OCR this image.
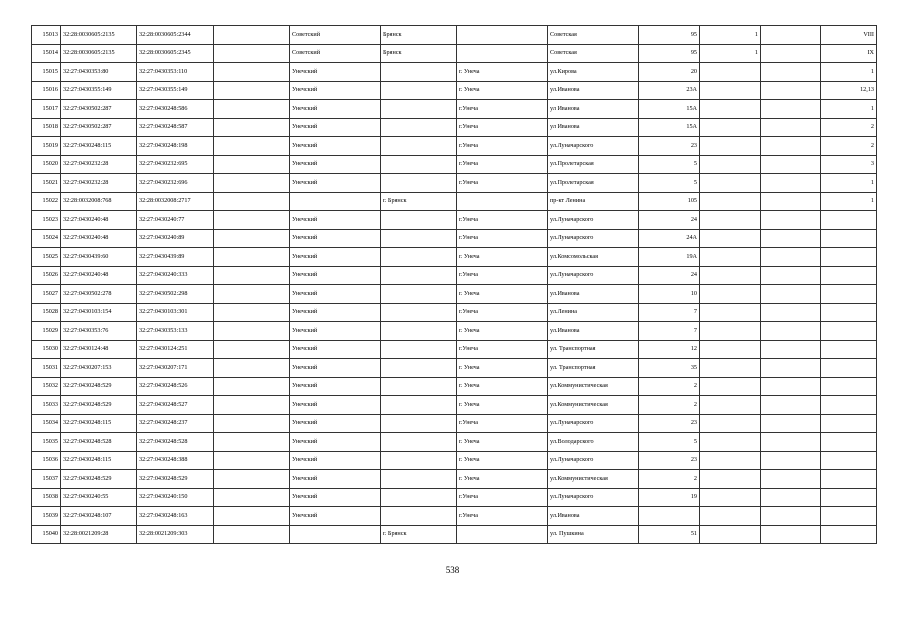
15013	32:28:0030605:2135	32:28:0030605:2344		Советский	Брянск		Советская	95	1		VIII
15014	32:28:0030605:2135	32:28:0030605:2345		Советский	Брянск		Советская	95	1		IX
15015	32:27:0430353:80	32:27:0430353:110		Унечский		г. Унеча	ул.Кирова	20			1
15016	32:27:0430355:149	32:27:0430355:149		Унечский		г. Унеча	ул.Иванова	23А			12,13
15017	32:27:0430502:287	32:27:0430248:586		Унечский		г.Унеча	ул Иванова	15А			1
15018	32:27:0430502:287	32:27:0430248:587		Унечский		г.Унеча	ул Иванова	15А			2
15019	32:27:0430248:115	32:27:0430248:198		Унечский		г.Унеча	ул.Луначарского	23			2
15020	32:27:0430232:28	32:27:0430232:695		Унечский		г.Унеча	ул.Пролетарская	5			3
15021	32:27:0430232:28	32:27:0430232:696		Унечский		г.Унеча	ул.Пролетарская	5			1
15022	32:28:0032008:768	32:28:0032008:2717			г. Брянск		пр-кт Ленина	105			1
15023	32:27:0430240:48	32:27:0430240:77		Унечский		г.Унеча	ул.Луначарского	24			
15024	32:27:0430240:48	32:27:0430240:89		Унечский		г.Унеча	ул.Луначарского	24А			
15025	32:27:0430439:60	32:27:0430439:89		Унечский		г. Унеча	ул.Комсомольская	19А			
15026	32:27:0430240:48	32:27:0430240:333		Унечский		г.Унеча	ул.Луначарского	24			
15027	32:27:0430502:278	32:27:0430502:298		Унечский		г. Унеча	ул.Иванова	10			
15028	32:27:0430103:154	32:27:0430103:301		Унечский		г.Унеча	ул.Ленина	7			
15029	32:27:0430353:76	32:27:0430353:133		Унечский		г. Унеча	ул.Иванова	7			
15030	32:27:0430124:48	32:27:0430124:251		Унечский		г.Унеча	ул. Транспортная	12			
15031	32:27:0430207:153	32:27:0430207:171		Унечский		г. Унеча	ул. Транспортная	35			
15032	32:27:0430248:529	32:27:0430248:526		Унечский		г. Унеча	ул.Коммунистическая	2			
15033	32:27:0430248:529	32:27:0430248:527		Унечский		г. Унеча	ул.Коммунистическая	2			
15034	32:27:0430248:115	32:27:0430248:237		Унечский		г.Унеча	ул.Луначарского	23			
15035	32:27:0430248:528	32:27:0430248:528		Унечский		г. Унеча	ул.Володарского	5			
15036	32:27:0430248:115	32:27:0430248:388		Унечский		г. Унеча	ул.Луначарского	23			
15037	32:27:0430248:529	32:27:0430248:529		Унечский		г. Унеча	ул.Коммунистическая	2			
15038	32:27:0430240:55	32:27:0430240:150		Унечский		г.Унеча	ул.Луначарского	19			
15039	32:27:0430248:107	32:27:0430248:163		Унечский		г.Унеча	ул.Иванова				
15040	32:28:0021209:28	32:28:0021209:303			г. Брянск		ул. Пушкина	51			
538
